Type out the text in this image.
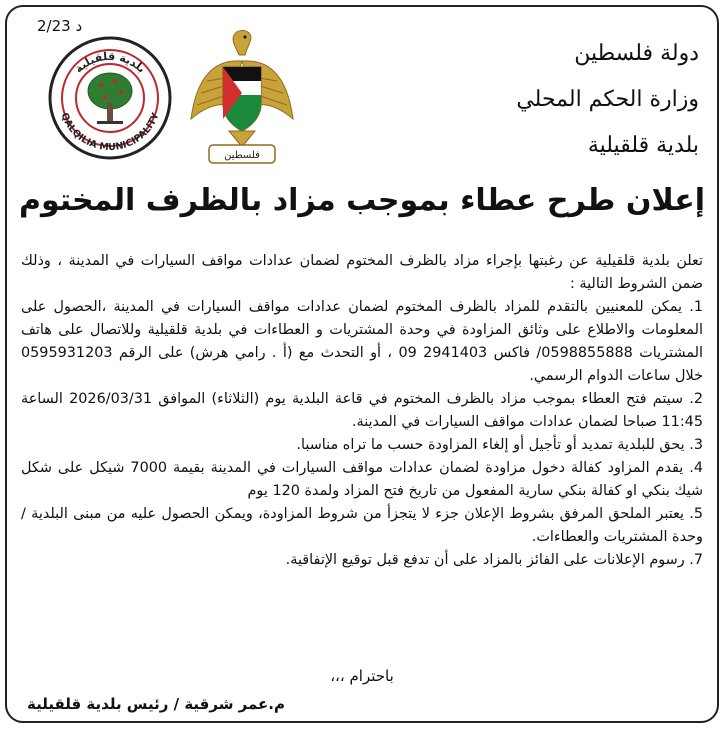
2/23 د
دولة فلسطين
وزارة الحكم المحلي
بلدية قلقيلية
بلدية قلقيلية
QALQILIA MUNICIPALITY
فلسطين
إعلان طرح عطاء بموجب مزاد بالظرف المختوم

تعلن بلدية قلقيلية عن رغبتها بإجراء مزاد بالظرف المختوم لضمان عدادات مواقف السيارات في المدينة ، وذلك ضمن الشروط التالية :

1. يمكن للمعنيين بالتقدم للمزاد بالظرف المختوم لضمان عدادات مواقف السيارات في المدينة ،الحصول على المعلومات والاطلاع على وثائق المزاودة في وحدة المشتريات و العطاءات في بلدية قلقيلية وللاتصال على هاتف المشتريات 0598855888/ فاكس 2941403 09 ، أو التحدث مع (أ . رامي هرش) على الرقم 0595931203 خلال ساعات الدوام الرسمي.

2. سيتم فتح العطاء بموجب مزاد بالظرف المختوم في قاعة البلدية يوم (الثلاثاء) الموافق 2026/03/31 الساعة 11:45 صباحا لضمان عدادات مواقف السيارات في المدينة.

3. يحق للبلدية تمديد أو تأجيل أو إلغاء المزاودة حسب ما تراه مناسبا.

4. يقدم المزاود كفالة دخول مزاودة لضمان عدادات مواقف السيارات في المدينة بقيمة 7000 شيكل على شكل شيك بنكي او كفالة بنكي سارية المفعول من تاريخ فتح المزاد ولمدة 120 يوم

5. يعتبر الملحق المرفق بشروط الإعلان جزء لا يتجزأ من شروط المزاودة، ويمكن الحصول عليه من مبنى البلدية / وحدة المشتريات والعطاءات.

7. رسوم الإعلانات على الفائز بالمزاد على أن تدفع قبل توقيع الإتفاقية.

باحترام ،،،
م.عمر شرقية / رئيس بلدية قلقيلية
